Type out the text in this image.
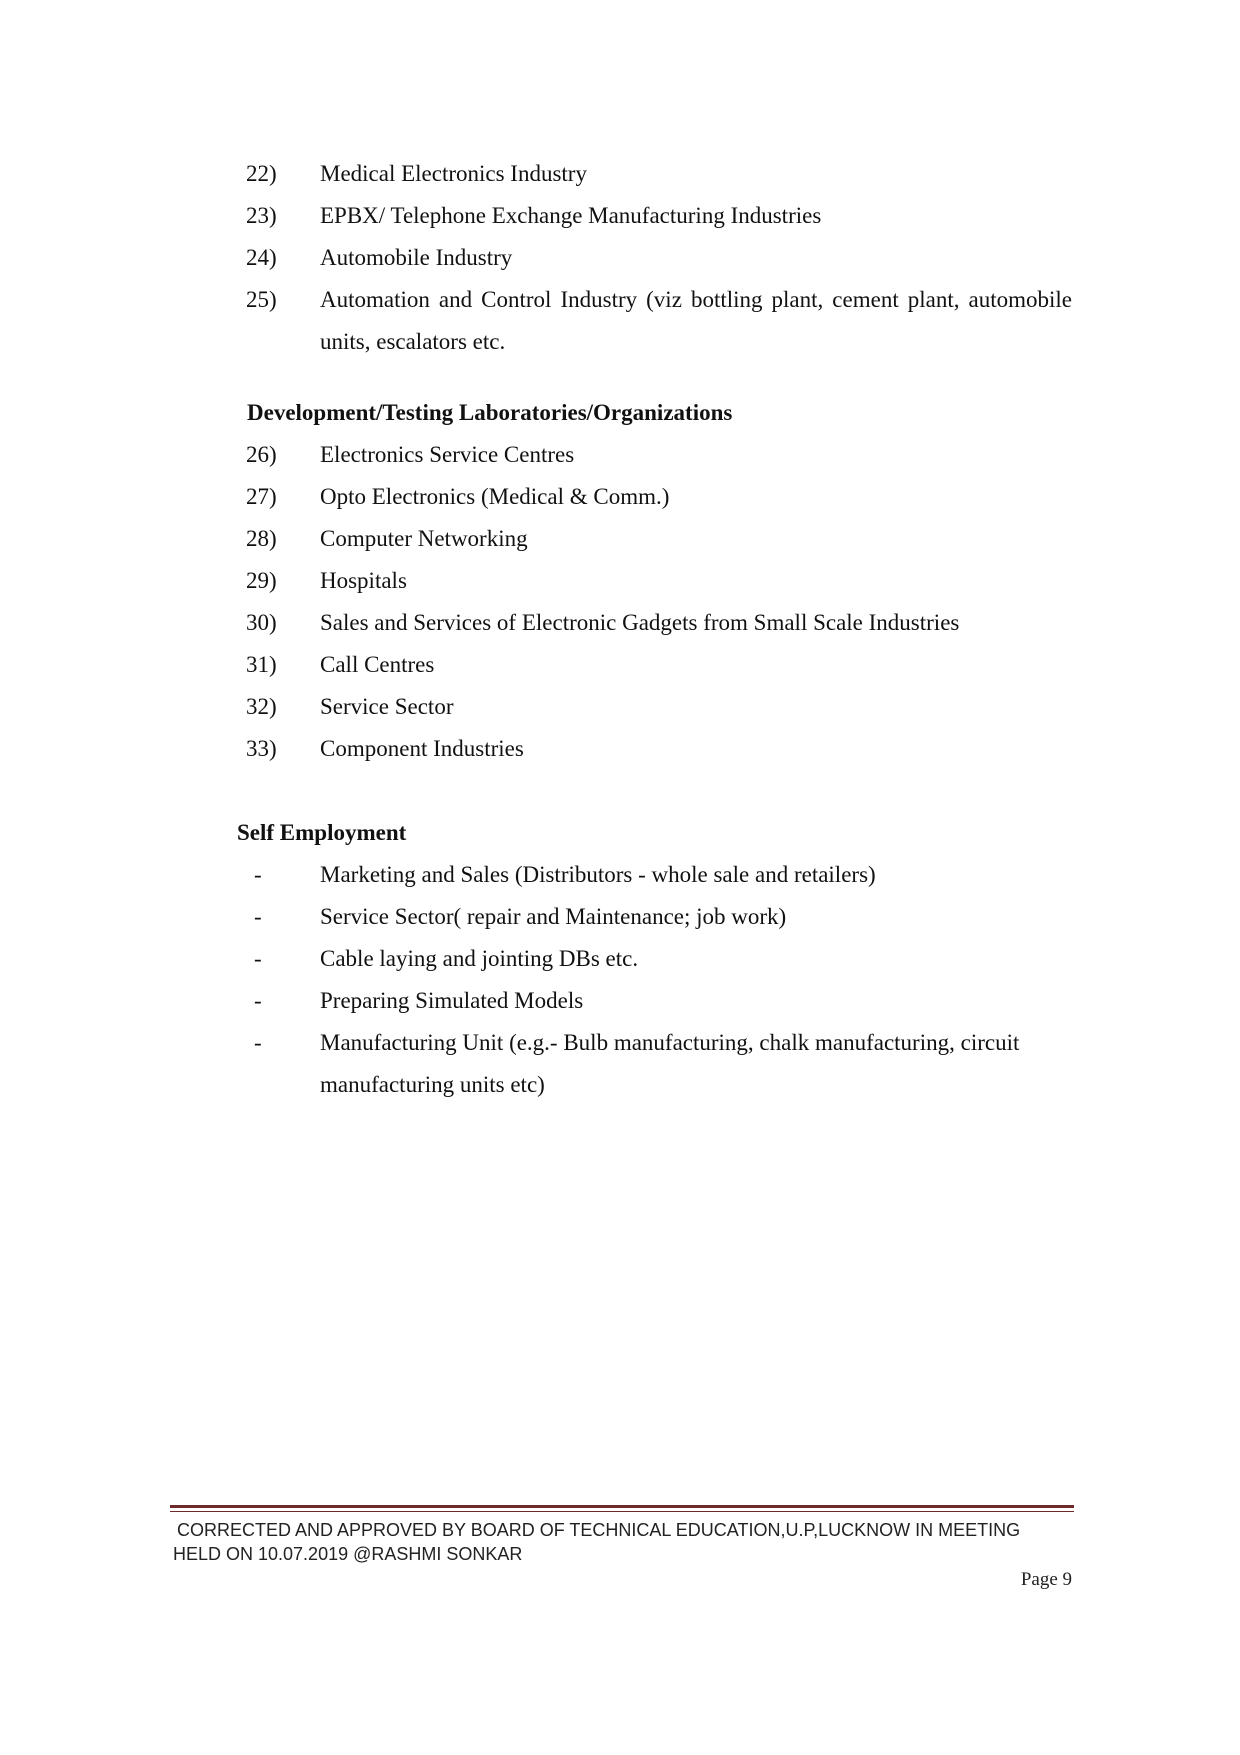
22)	Medical Electronics Industry
23)	EPBX/ Telephone Exchange Manufacturing Industries
24)	Automobile Industry
25)	Automation and Control Industry (viz bottling plant, cement plant, automobile units, escalators etc.
Development/Testing Laboratories/Organizations
26)	Electronics Service Centres
27)	Opto Electronics (Medical & Comm.)
28)	Computer Networking
29)	Hospitals
30)	Sales and Services of Electronic Gadgets from Small Scale Industries
31)	Call Centres
32)	Service Sector
33)	Component Industries
Self Employment
-	Marketing and Sales (Distributors - whole sale and retailers)
-	Service Sector( repair and Maintenance; job work)
-	Cable laying and jointing DBs etc.
-	Preparing Simulated Models
-	Manufacturing Unit (e.g.- Bulb manufacturing, chalk manufacturing, circuit manufacturing units etc)
CORRECTED AND APPROVED BY BOARD OF TECHNICAL EDUCATION,U.P,LUCKNOW IN MEETING
HELD ON 10.07.2019 @RASHMI SONKAR
Page 9
